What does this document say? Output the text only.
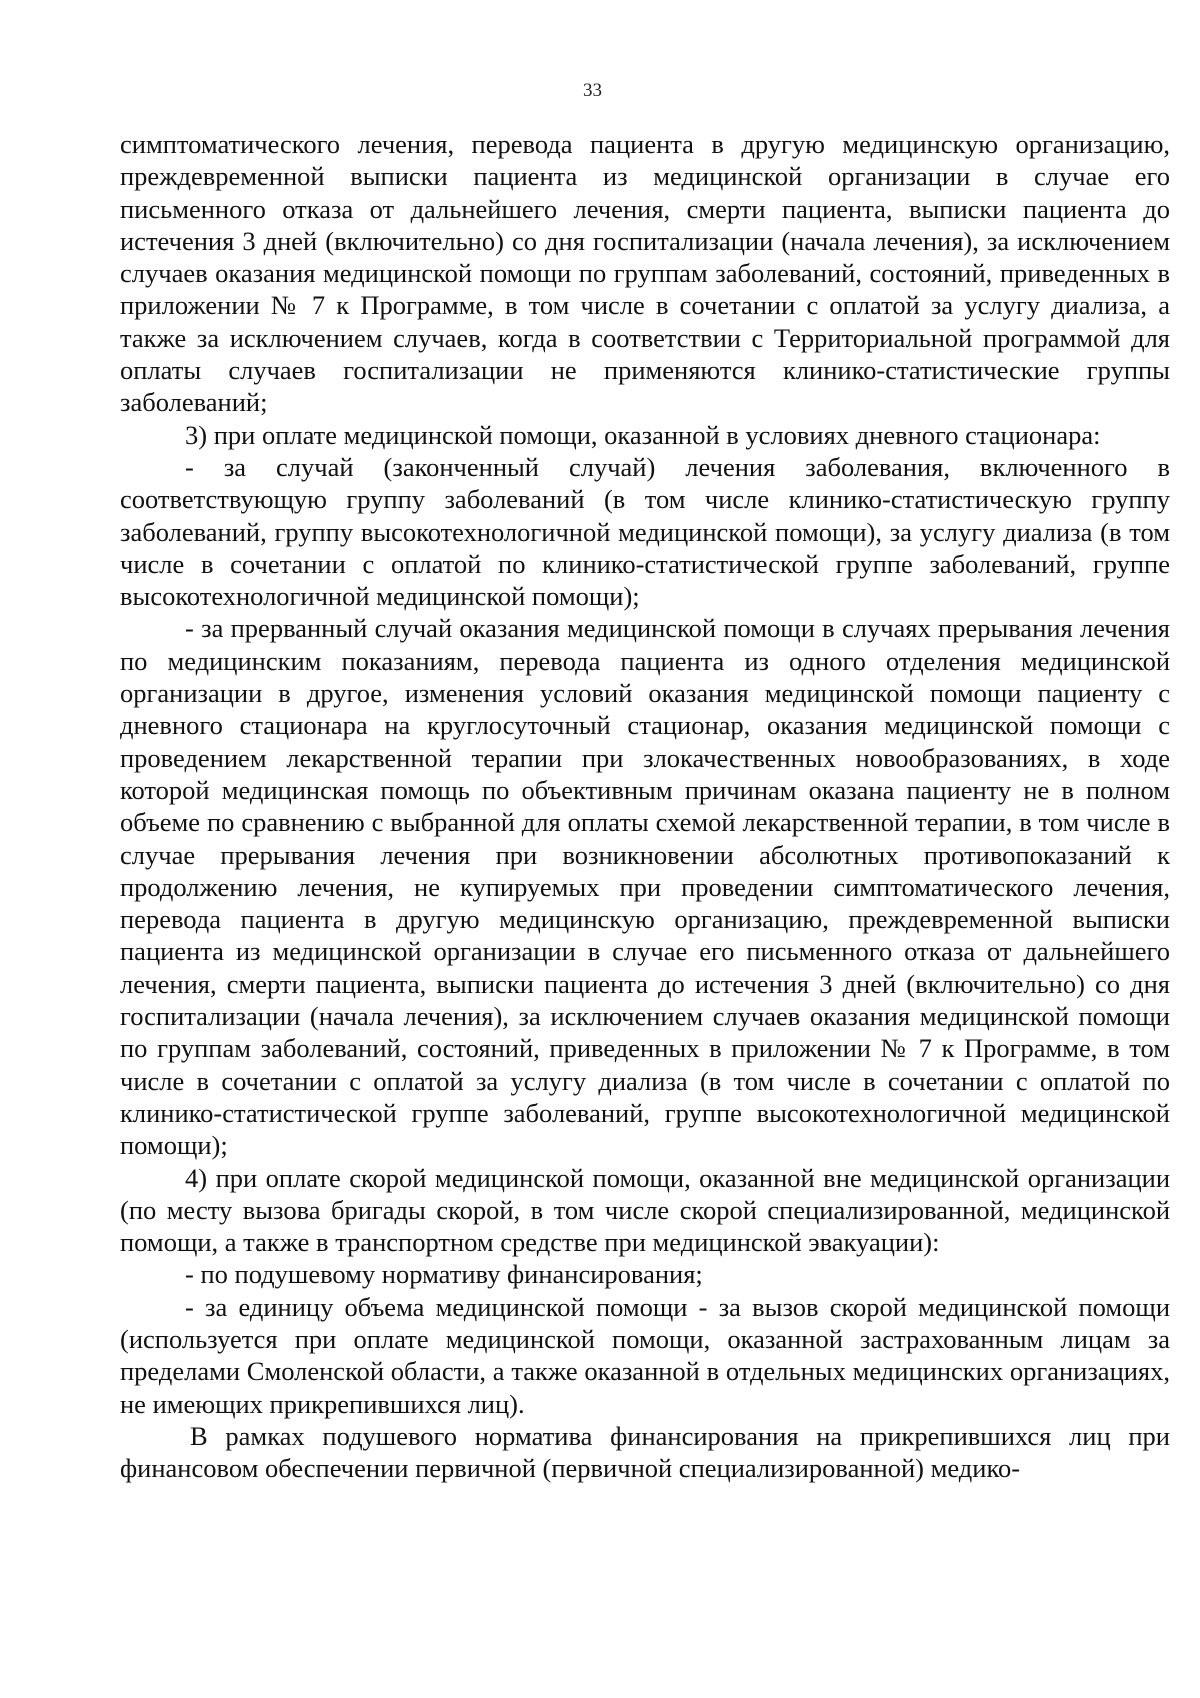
33

симптоматического лечения, перевода пациента в другую медицинскую организацию, преждевременной выписки пациента из медицинской организации в случае его письменного отказа от дальнейшего лечения, смерти пациента, выписки пациента до истечения 3 дней (включительно) со дня госпитализации (начала лечения), за исключением случаев оказания медицинской помощи по группам заболеваний, состояний, приведенных в приложении № 7 к Программе, в том числе в сочетании с оплатой за услугу диализа, а также за исключением случаев, когда в соответствии с Территориальной программой для оплаты случаев госпитализации не применяются клинико-статистические группы заболеваний;

3) при оплате медицинской помощи, оказанной в условиях дневного стационара:

- за случай (законченный случай) лечения заболевания, включенного в соответствующую группу заболеваний (в том числе клинико-статистическую группу заболеваний, группу высокотехнологичной медицинской помощи), за услугу диализа (в том числе в сочетании с оплатой по клинико-статистической группе заболеваний, группе высокотехнологичной медицинской помощи);

- за прерванный случай оказания медицинской помощи в случаях прерывания лечения по медицинским показаниям, перевода пациента из одного отделения медицинской организации в другое, изменения условий оказания медицинской помощи пациенту с дневного стационара на круглосуточный стационар, оказания медицинской помощи с проведением лекарственной терапии при злокачественных новообразованиях, в ходе которой медицинская помощь по объективным причинам оказана пациенту не в полном объеме по сравнению с выбранной для оплаты схемой лекарственной терапии, в том числе в случае прерывания лечения при возникновении абсолютных противопоказаний к продолжению лечения, не купируемых при проведении симптоматического лечения, перевода пациента в другую медицинскую организацию, преждевременной выписки пациента из медицинской организации в случае его письменного отказа от дальнейшего лечения, смерти пациента, выписки пациента до истечения 3 дней (включительно) со дня госпитализации (начала лечения), за исключением случаев оказания медицинской помощи по группам заболеваний, состояний, приведенных в приложении № 7 к Программе, в том числе в сочетании с оплатой за услугу диализа (в том числе в сочетании с оплатой по клинико-статистической группе заболеваний, группе высокотехнологичной медицинской помощи);

4) при оплате скорой медицинской помощи, оказанной вне медицинской организации (по месту вызова бригады скорой, в том числе скорой специализированной, медицинской помощи, а также в транспортном средстве при медицинской эвакуации):

- по подушевому нормативу финансирования;

- за единицу объема медицинской помощи - за вызов скорой медицинской помощи (используется при оплате медицинской помощи, оказанной застрахованным лицам за пределами Смоленской области, а также оказанной в отдельных медицинских организациях, не имеющих прикрепившихся лиц).

В рамках подушевого норматива финансирования на прикрепившихся лиц при финансовом обеспечении первичной (первичной специализированной) медико-
